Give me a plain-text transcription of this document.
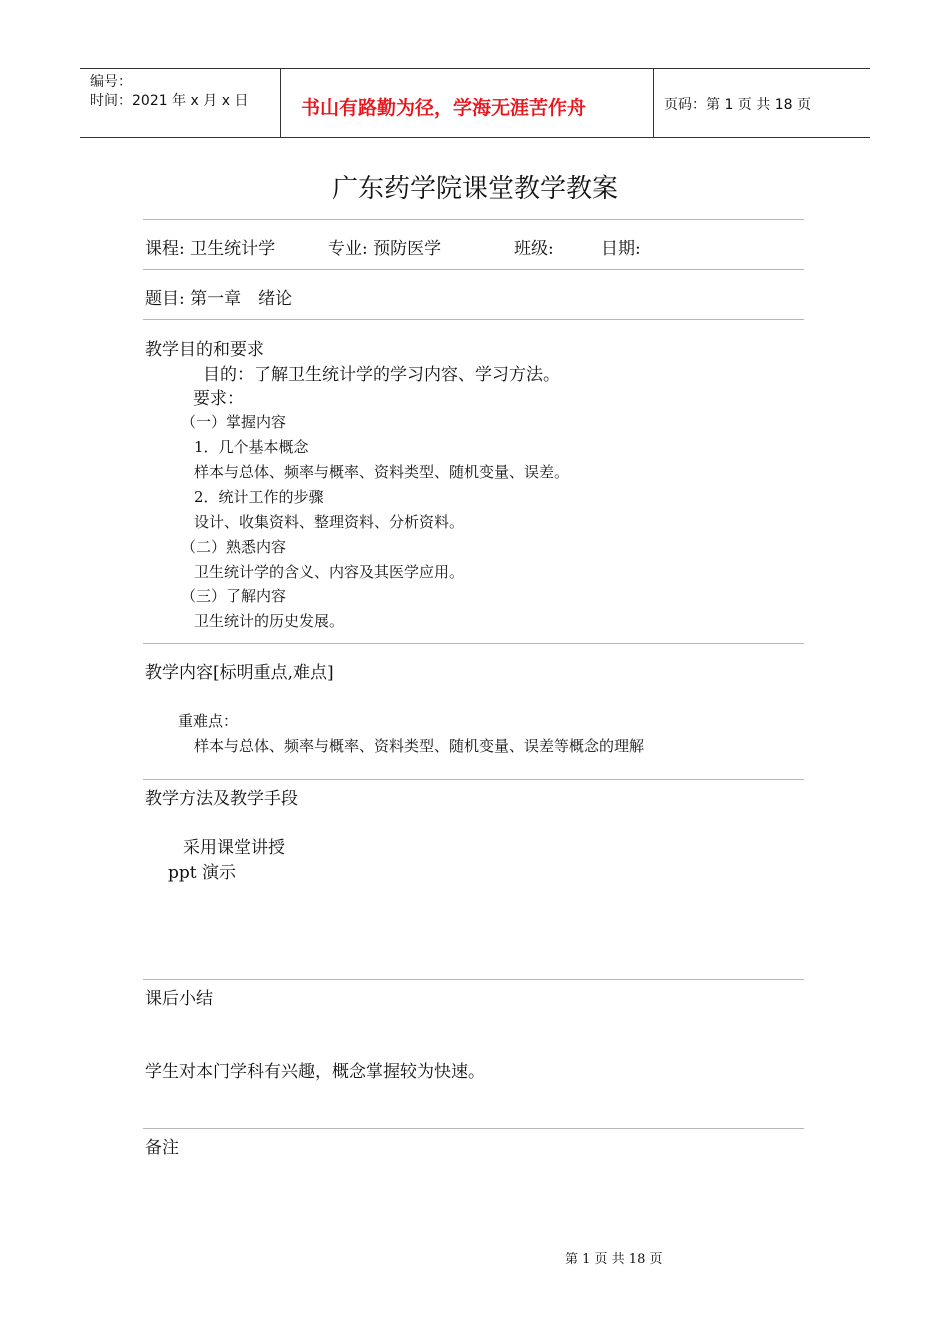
编号：
时间：2021 年 x 月 x 日	书山有路勤为径，学海无涯苦作舟	页码：第 1 页 共 18 页
广东药学院课堂教学教案
课程: 卫生统计学	专业: 预防医学	班级:	日期:
题目: 第一章　绪论
教学目的和要求
目的：了解卫生统计学的学习内容、学习方法。
要求：
（一）掌握内容
1．几个基本概念
样本与总体、频率与概率、资料类型、随机变量、误差。
2．统计工作的步骤
设计、收集资料、整理资料、分析资料。
（二）熟悉内容
卫生统计学的含义、内容及其医学应用。
（三）了解内容
卫生统计的历史发展。
教学内容[标明重点,难点]
重难点：
样本与总体、频率与概率、资料类型、随机变量、误差等概念的理解
教学方法及教学手段
采用课堂讲授
ppt 演示
课后小结
学生对本门学科有兴趣，概念掌握较为快速。
备注
第 1 页 共 18 页
